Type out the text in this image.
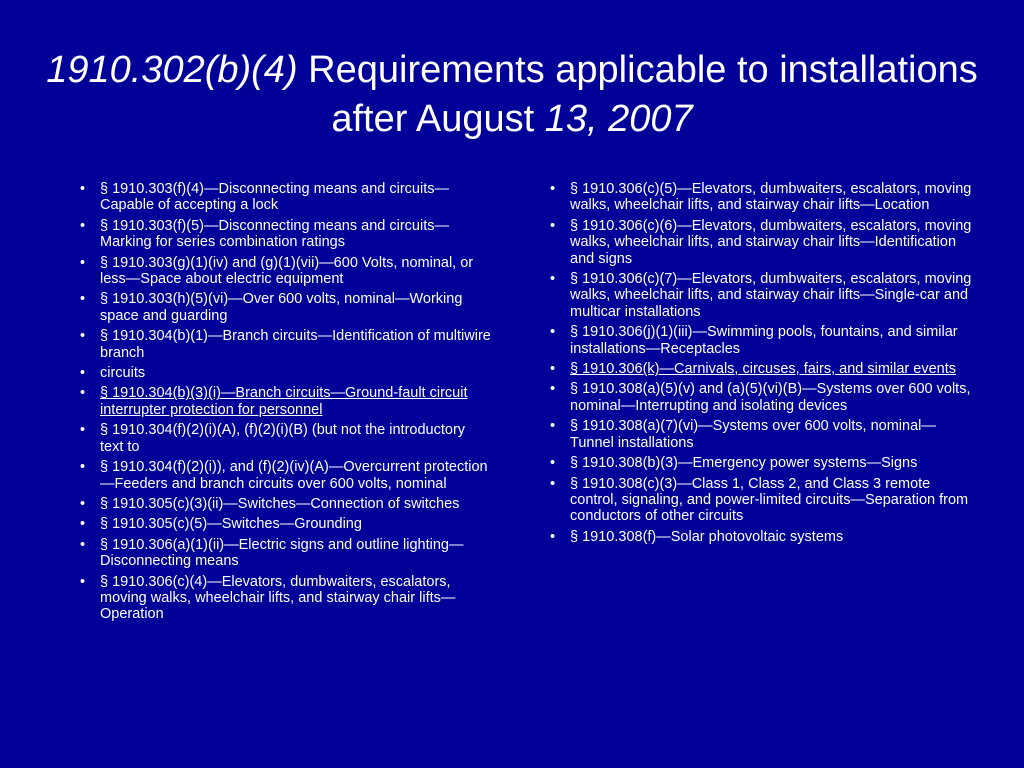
1910.302(b)(4) Requirements applicable to installations after August 13, 2007
• § 1910.303(f)(4)—Disconnecting means and circuits—Capable of accepting a lock
• § 1910.303(f)(5)—Disconnecting means and circuits—Marking for series combination ratings
• § 1910.303(g)(1)(iv) and (g)(1)(vii)—600 Volts, nominal, or less—Space about electric equipment
• § 1910.303(h)(5)(vi)—Over 600 volts, nominal—Working space and guarding
• § 1910.304(b)(1)—Branch circuits—Identification of multiwire branch
• circuits
• § 1910.304(b)(3)(i)—Branch circuits—Ground-fault circuit interrupter protection for personnel
• § 1910.304(f)(2)(i)(A), (f)(2)(i)(B) (but not the introductory text to
• § 1910.304(f)(2)(i)), and (f)(2)(iv)(A)—Overcurrent protection—Feeders and branch circuits over 600 volts, nominal
• § 1910.305(c)(3)(ii)—Switches—Connection of switches
• § 1910.305(c)(5)—Switches—Grounding
• § 1910.306(a)(1)(ii)—Electric signs and outline lighting—Disconnecting means
• § 1910.306(c)(4)—Elevators, dumbwaiters, escalators, moving walks, wheelchair lifts, and stairway chair lifts—Operation
• § 1910.306(c)(5)—Elevators, dumbwaiters, escalators, moving walks, wheelchair lifts, and stairway chair lifts—Location
• § 1910.306(c)(6)—Elevators, dumbwaiters, escalators, moving walks, wheelchair lifts, and stairway chair lifts—Identification and signs
• § 1910.306(c)(7)—Elevators, dumbwaiters, escalators, moving walks, wheelchair lifts, and stairway chair lifts—Single-car and multicar installations
• § 1910.306(j)(1)(iii)—Swimming pools, fountains, and similar installations—Receptacles
• § 1910.306(k)—Carnivals, circuses, fairs, and similar events
• § 1910.308(a)(5)(v) and (a)(5)(vi)(B)—Systems over 600 volts, nominal—Interrupting and isolating devices
• § 1910.308(a)(7)(vi)—Systems over 600 volts, nominal—Tunnel installations
• § 1910.308(b)(3)—Emergency power systems—Signs
• § 1910.308(c)(3)—Class 1, Class 2, and Class 3 remote control, signaling, and power-limited circuits—Separation from conductors of other circuits
• § 1910.308(f)—Solar photovoltaic systems
